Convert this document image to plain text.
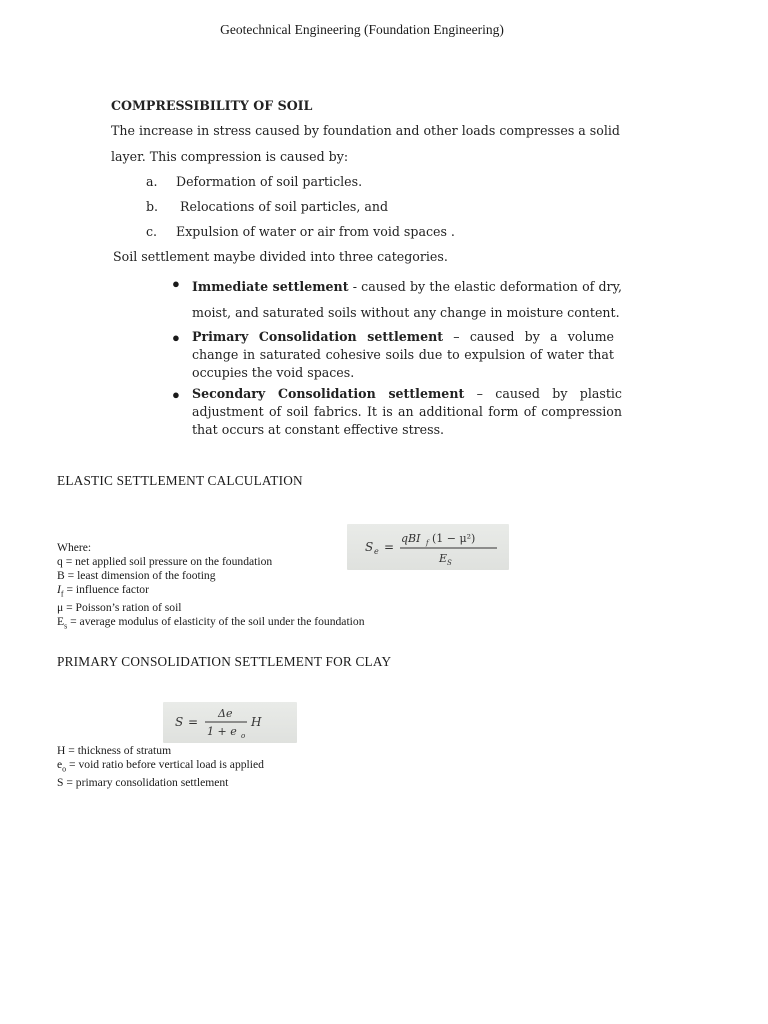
Geotechnical Engineering (Foundation Engineering)
COMPRESSIBILITY OF SOIL
The increase in stress caused by foundation and other loads compresses a solid
layer. This compression is caused by:
a. Deformation of soil particles.
b. Relocations of soil particles, and
c. Expulsion of water or air from void spaces .
Soil settlement maybe divided into three categories.
● Immediate settlement - caused by the elastic deformation of dry, moist, and saturated soils without any change in moisture content.
● Primary Consolidation settlement – caused by a volume change in saturated cohesive soils due to expulsion of water that occupies the void spaces.
● Secondary Consolidation settlement – caused by plastic adjustment of soil fabrics. It is an additional form of compression that occurs at constant effective stress.
ELASTIC SETTLEMENT CALCULATION
S e =
qBI f (1 − μ²)
E S
Where:
q = net applied soil pressure on the foundation
B = least dimension of the footing
$I_f$ = influence factor
μ = Poisson’s ration of soil
$E_s$ = average modulus of elasticity of the soil under the foundation
PRIMARY CONSOLIDATION SETTLEMENT FOR CLAY
S =
Δe
1 + e o
H
H = thickness of stratum
$e_o$ = void ratio before vertical load is applied
S = primary consolidation settlement
